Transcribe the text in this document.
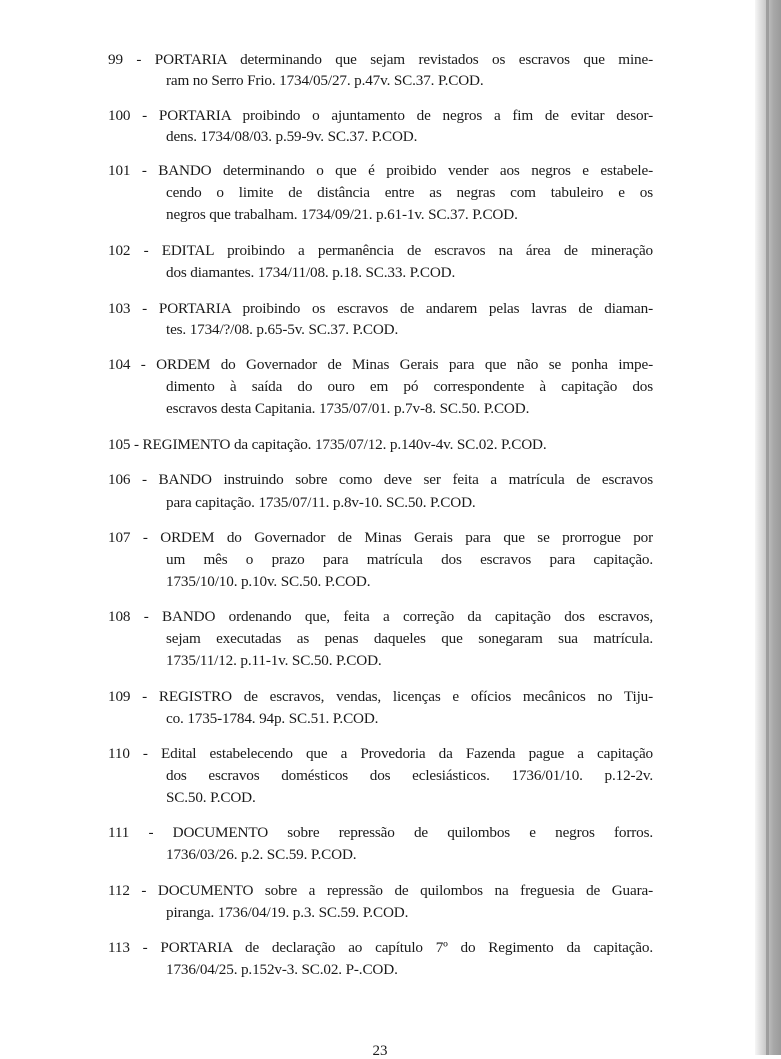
99 - PORTARIA determinando que sejam revistados os escravos que mine-
ram no Serro Frio. 1734/05/27. p.47v. SC.37. P.COD.
100 - PORTARIA proibindo o ajuntamento de negros a fim de evitar desor-
dens. 1734/08/03. p.59-9v. SC.37. P.COD.
101 - BANDO determinando o que é proibido vender aos negros e estabele-
cendo o limite de distância entre as negras com tabuleiro e os
negros que trabalham. 1734/09/21. p.61-1v. SC.37. P.COD.
102 - EDITAL proibindo a permanência de escravos na área de mineração
dos diamantes. 1734/11/08. p.18. SC.33. P.COD.
103 - PORTARIA proibindo os escravos de andarem pelas lavras de diaman-
tes. 1734/?/08. p.65-5v. SC.37. P.COD.
104 - ORDEM do Governador de Minas Gerais para que não se ponha impe-
dimento à saída do ouro em pó correspondente à capitação dos
escravos desta Capitania. 1735/07/01. p.7v-8. SC.50. P.COD.
105 - REGIMENTO da capitação. 1735/07/12. p.140v-4v. SC.02. P.COD.
106 - BANDO instruindo sobre como deve ser feita a matrícula de escravos
para capitação. 1735/07/11. p.8v-10. SC.50. P.COD.
107 - ORDEM do Governador de Minas Gerais para que se prorrogue por
um mês o prazo para matrícula dos escravos para capitação.
1735/10/10. p.10v. SC.50. P.COD.
108 - BANDO ordenando que, feita a correção da capitação dos escravos,
sejam executadas as penas daqueles que sonegaram sua matrícula.
1735/11/12. p.11-1v. SC.50. P.COD.
109 - REGISTRO de escravos, vendas, licenças e ofícios mecânicos no Tiju-
co. 1735-1784. 94p. SC.51. P.COD.
110 - Edital estabelecendo que a Provedoria da Fazenda pague a capitação
dos escravos domésticos dos eclesiásticos. 1736/01/10. p.12-2v.
SC.50. P.COD.
111 - DOCUMENTO sobre repressão de quilombos e negros forros.
1736/03/26. p.2. SC.59. P.COD.
112 - DOCUMENTO sobre a repressão de quilombos na freguesia de Guara-
piranga. 1736/04/19. p.3. SC.59. P.COD.
113 - PORTARIA de declaração ao capítulo 7º do Regimento da capitação.
1736/04/25. p.152v-3. SC.02. P-.COD.
23
